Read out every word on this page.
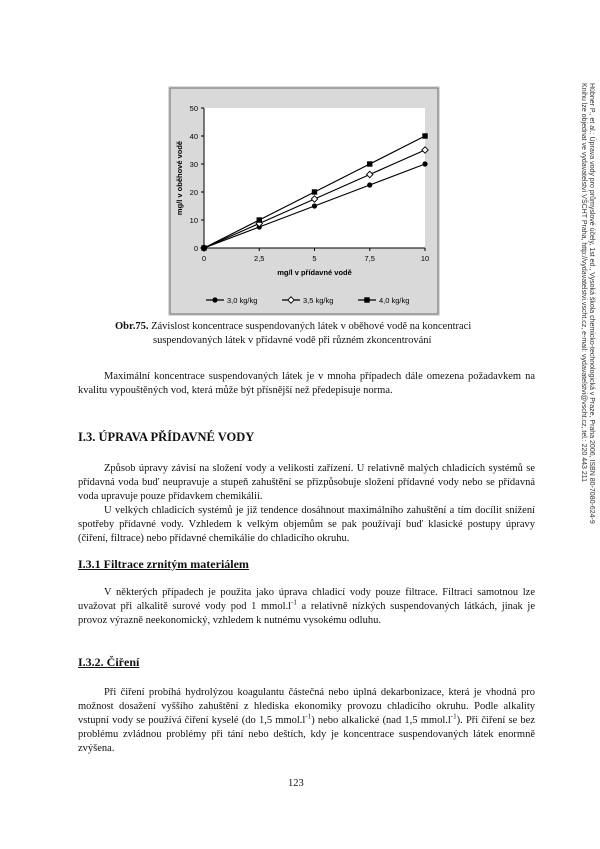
Hübner P., et al.: Úprava vody pro průmyslové účely, 1st ed., Vysoká škola chemicko-technologická v Praze, Praha 2006, ISBN 80-7080-624-9
Knihu lze objednat ve vydavatelství VŠCHT Praha, http://vydavatelstvi.vscht.cz, e-mail: vydavatelstvi@vscht.cz, tel.: 220 443 211
0
10
20
30
40
50
0	2,5	5	7,5	10
mg/l v přídavné vodě
mg/l v oběhové vodě
3,0 kg/kg	3,5 kg/kg	4,0 kg/kg
Obr.75. Závislost koncentrace suspendovaných látek v oběhové vodě na koncentraci
suspendovaných látek v přídavné vodě při různém zkoncentrování

Maximální koncentrace suspendovaných látek je v mnoha případech dále omezena požadavkem na kvalitu vypouštěných vod, která může být přísnější než předepisuje norma.

I.3. ÚPRAVA PŘÍDAVNÉ VODY

Způsob úpravy závisí na složení vody a velikosti zařízení. U relativně malých chladicích systémů se přídavná voda buď neupravuje a stupeň zahuštění se přizpůsobuje složení přídavné vody nebo se přídavná voda upravuje pouze přídavkem chemikálií.

U velkých chladicích systémů je již tendence dosáhnout maximálního zahuštění a tím docílit snížení spotřeby přídavné vody. Vzhledem k velkým objemům se pak používají buď klasické postupy úpravy (čiření, filtrace) nebo přídavné chemikálie do chladicího okruhu.

I.3.1 Filtrace zrnitým materiálem

V některých případech je použita jako úprava chladicí vody pouze filtrace. Filtraci samotnou lze uvažovat při alkalitě surové vody pod 1 $mmol.l^{-1}$ a relativně nízkých suspendovaných látkách, jinak je provoz výrazně neekonomický, vzhledem k nutnému vysokému odluhu.

I.3.2. Čiření

Při čiření probíhá hydrolýzou koagulantu částečná nebo úplná dekarbonizace, která je vhodná pro možnost dosažení vyššího zahuštění z hlediska ekonomiky provozu chladicího okruhu. Podle alkality vstupní vody se používá čiření kyselé (do 1,5 $mmol.l^{-1}$) nebo alkalické (nad 1,5 $mmol.l^{-1}$). Při čiření se bez problému zvládnou problémy při tání nebo deštích, kdy je koncentrace suspendovaných látek enormně zvýšena.

123
